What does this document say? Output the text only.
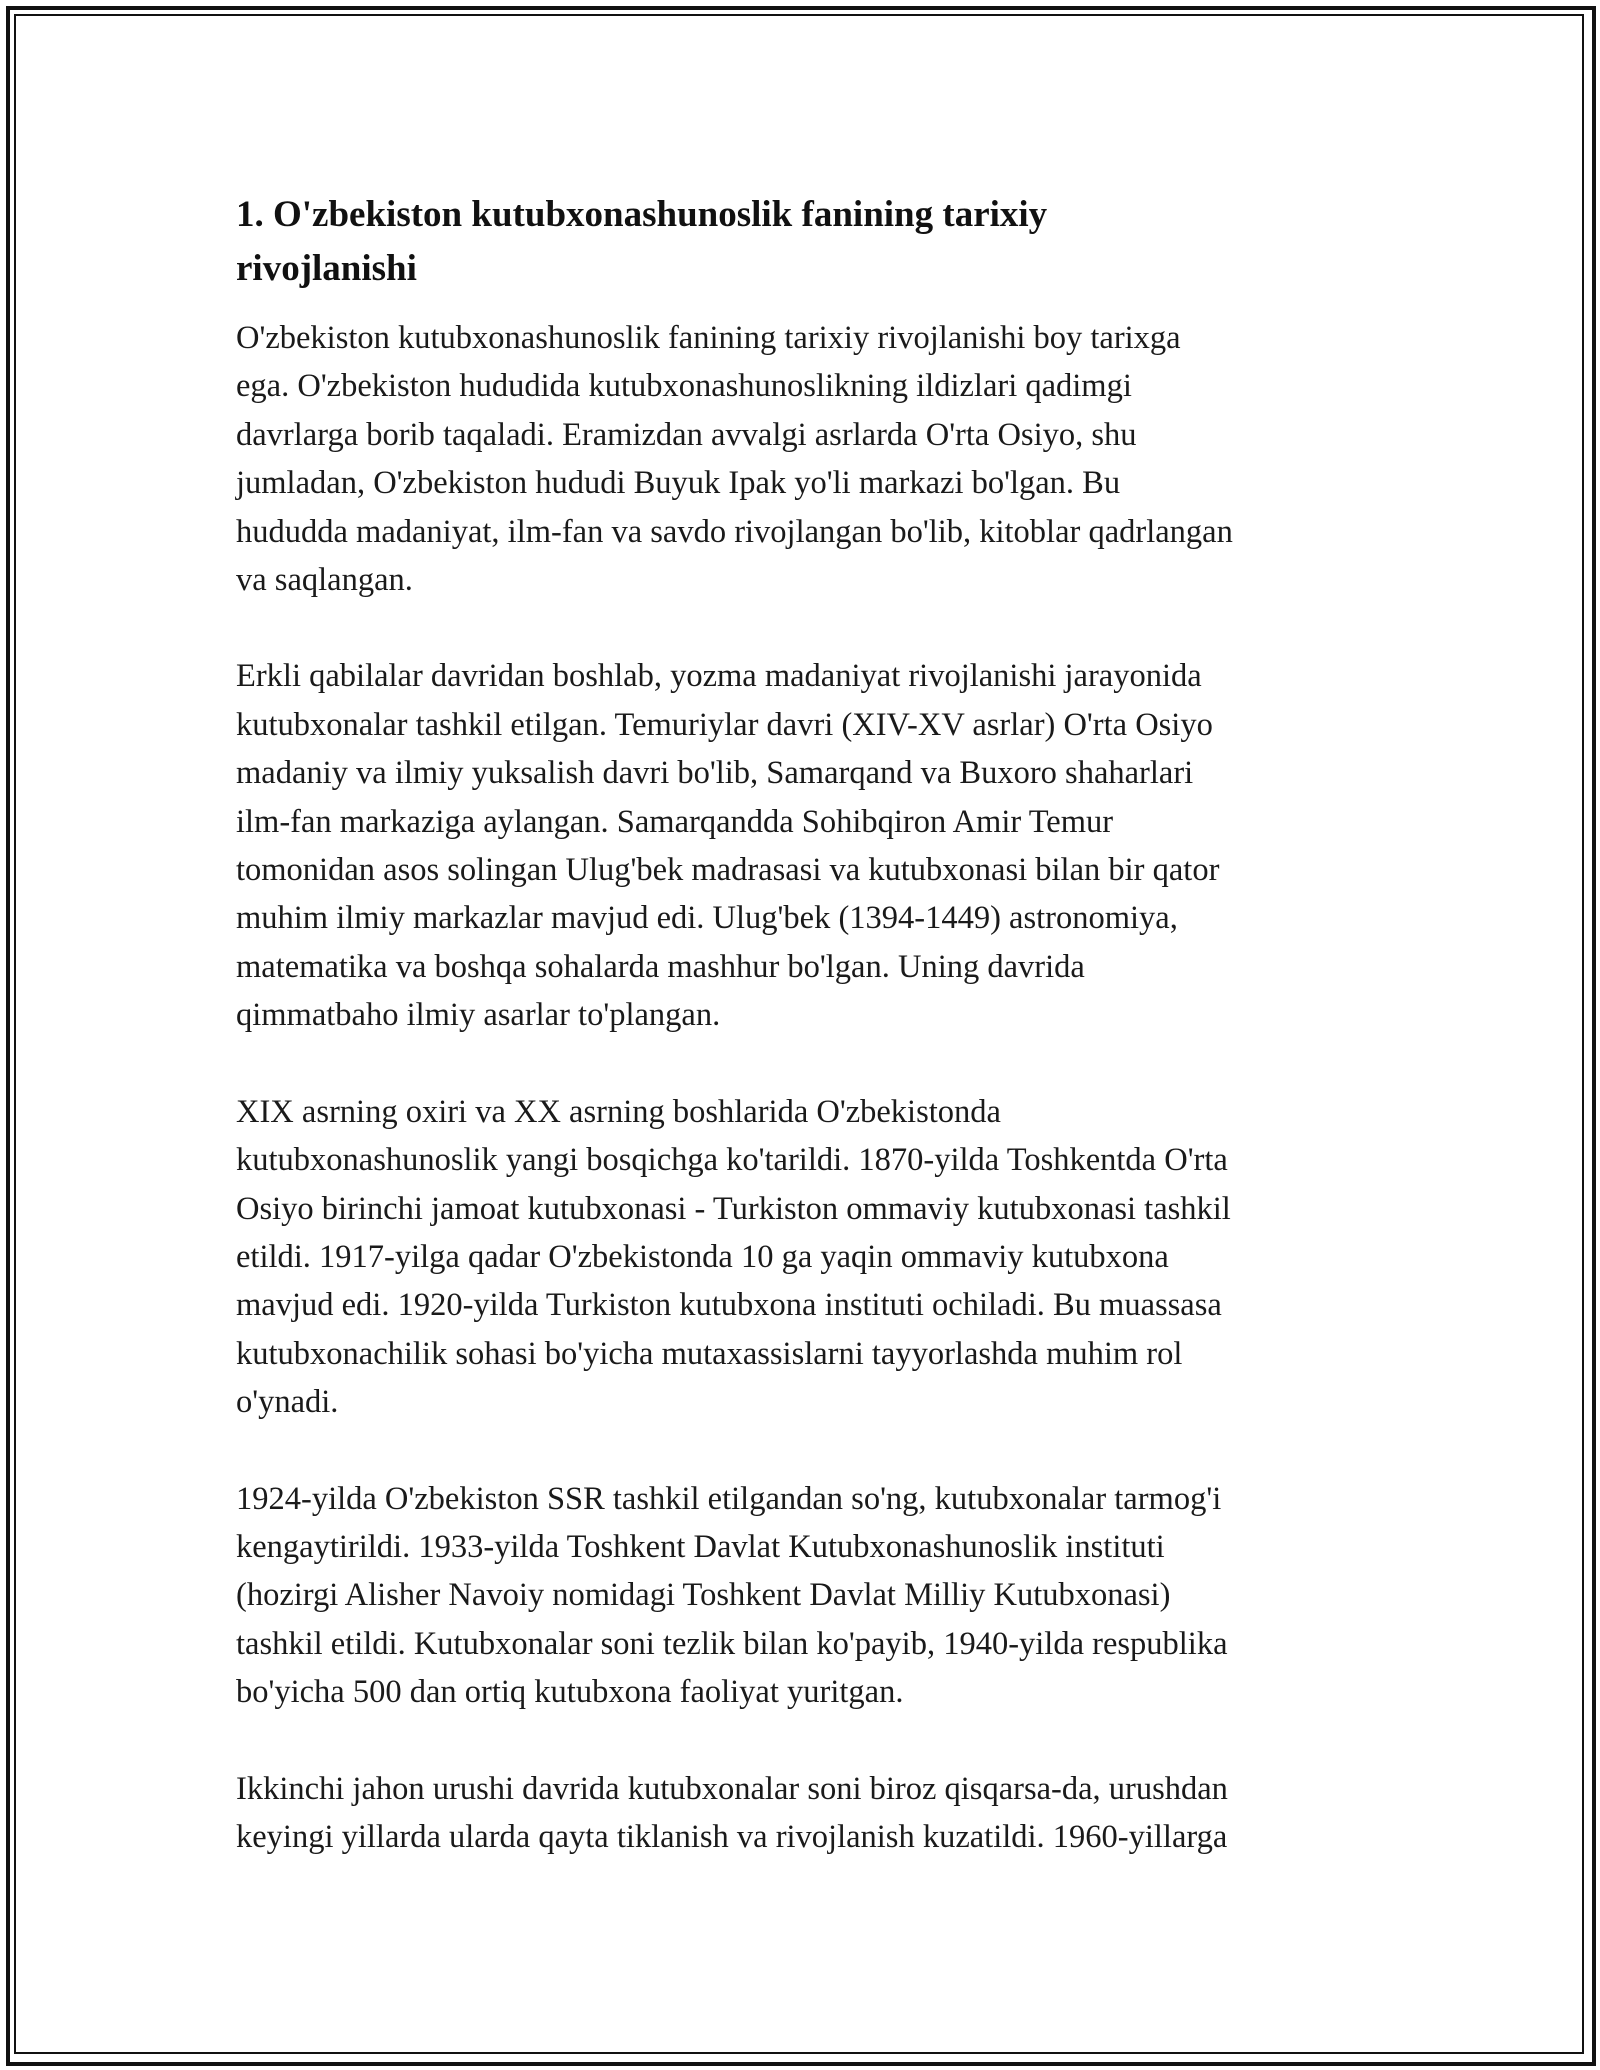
1. O'zbekiston kutubxonashunoslik fanining tarixiy
rivojlanishi

O'zbekiston kutubxonashunoslik fanining tarixiy rivojlanishi boy tarixga
ega. O'zbekiston hududida kutubxonashunoslikning ildizlari qadimgi
davrlarga borib taqaladi. Eramizdan avvalgi asrlarda O'rta Osiyo, shu
jumladan, O'zbekiston hududi Buyuk Ipak yo'li markazi bo'lgan. Bu
hududda madaniyat, ilm-fan va savdo rivojlangan bo'lib, kitoblar qadrlangan
va saqlangan.

Erkli qabilalar davridan boshlab, yozma madaniyat rivojlanishi jarayonida
kutubxonalar tashkil etilgan. Temuriylar davri (XIV-XV asrlar) O'rta Osiyo
madaniy va ilmiy yuksalish davri bo'lib, Samarqand va Buxoro shaharlari
ilm-fan markaziga aylangan. Samarqandda Sohibqiron Amir Temur
tomonidan asos solingan Ulug'bek madrasasi va kutubxonasi bilan bir qator
muhim ilmiy markazlar mavjud edi. Ulug'bek (1394-1449) astronomiya,
matematika va boshqa sohalarda mashhur bo'lgan. Uning davrida
qimmatbaho ilmiy asarlar to'plangan.

XIX asrning oxiri va XX asrning boshlarida O'zbekistonda
kutubxonashunoslik yangi bosqichga ko'tarildi. 1870-yilda Toshkentda O'rta
Osiyo birinchi jamoat kutubxonasi - Turkiston ommaviy kutubxonasi tashkil
etildi. 1917-yilga qadar O'zbekistonda 10 ga yaqin ommaviy kutubxona
mavjud edi. 1920-yilda Turkiston kutubxona instituti ochiladi. Bu muassasa
kutubxonachilik sohasi bo'yicha mutaxassislarni tayyorlashda muhim rol
o'ynadi.

1924-yilda O'zbekiston SSR tashkil etilgandan so'ng, kutubxonalar tarmog'i
kengaytirildi. 1933-yilda Toshkent Davlat Kutubxonashunoslik instituti
(hozirgi Alisher Navoiy nomidagi Toshkent Davlat Milliy Kutubxonasi)
tashkil etildi. Kutubxonalar soni tezlik bilan ko'payib, 1940-yilda respublika
bo'yicha 500 dan ortiq kutubxona faoliyat yuritgan.

Ikkinchi jahon urushi davrida kutubxonalar soni biroz qisqarsa-da, urushdan
keyingi yillarda ularda qayta tiklanish va rivojlanish kuzatildi. 1960-yillarga
